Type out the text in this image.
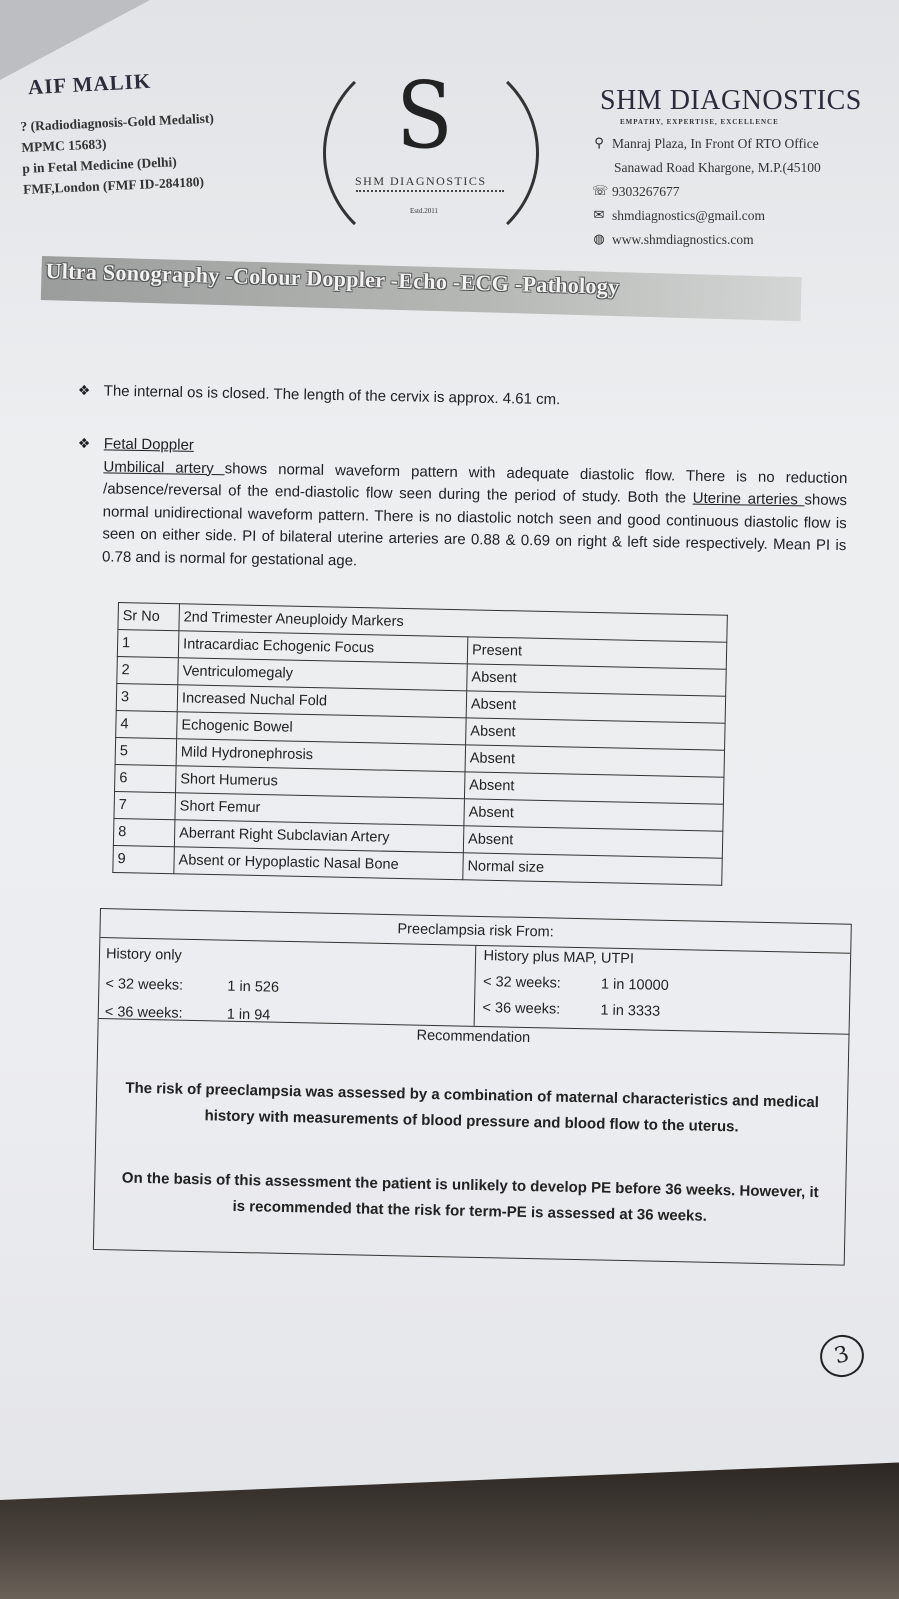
AIF MALIK
? (Radiodiagnosis-Gold Medalist)
MPMC 15683)
p in Fetal Medicine (Delhi)
FMF,London (FMF ID-284180)
S
SHM DIAGNOSTICS
Estd.2011
SHM DIAGNOSTICS
EMPATHY, EXPERTISE, EXCELLENCE
⚲ Manraj Plaza, In Front Of RTO Office
Sanawad Road Khargone, M.P.(45100
☏ 9303267677
✉ shmdiagnostics@gmail.com
◍ www.shmdiagnostics.com
Ultra Sonography -Colour Doppler -Echo -ECG -Pathology
❖ The internal os is closed. The length of the cervix is approx. 4.61 cm.
❖ Fetal Doppler
Umbilical artery shows normal waveform pattern with adequate diastolic flow. There is no reduction /absence/reversal of the end-diastolic flow seen during the period of study. Both the Uterine arteries shows normal unidirectional waveform pattern. There is no diastolic notch seen and good continuous diastolic flow is seen on either side. PI of bilateral uterine arteries are 0.88 & 0.69 on right & left side respectively. Mean PI is 0.78 and is normal for gestational age.
Sr No	2nd Trimester Aneuploidy Markers	
1	Intracardiac Echogenic Focus	Present
2	Ventriculomegaly	Absent
3	Increased Nuchal Fold	Absent
4	Echogenic Bowel	Absent
5	Mild Hydronephrosis	Absent
6	Short Humerus	Absent
7	Short Femur	Absent
8	Aberrant Right Subclavian Artery	Absent
9	Absent or Hypoplastic Nasal Bone	Normal size
Preeclampsia risk From:
History only
< 32 weeks:	1 in 526
< 36 weeks:	1 in 94
History plus MAP, UTPI
< 32 weeks:	1 in 10000
< 36 weeks:	1 in 3333
Recommendation
The risk of preeclampsia was assessed by a combination of maternal characteristics and medical history with measurements of blood pressure and blood flow to the uterus.
On the basis of this assessment the patient is unlikely to develop PE before 36 weeks. However, it is recommended that the risk for term-PE is assessed at 36 weeks.
3
